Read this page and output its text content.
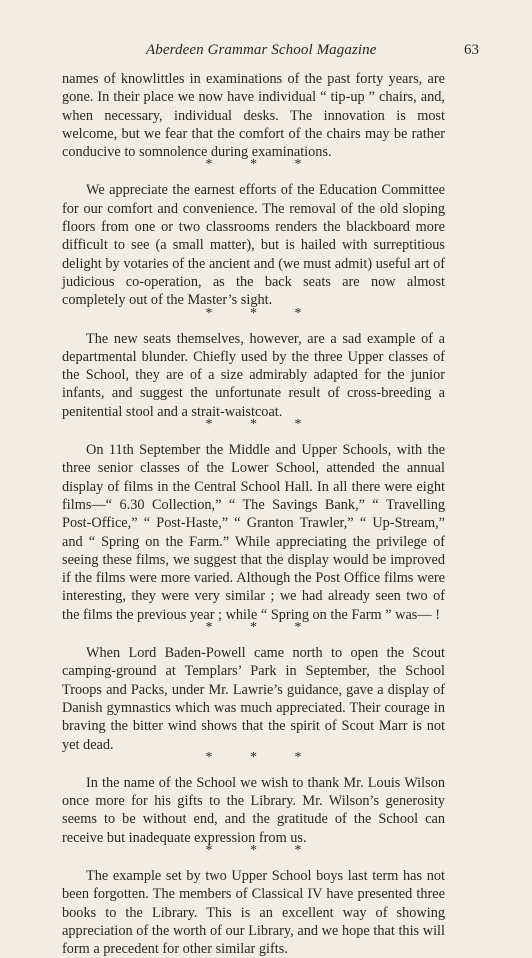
Aberdeen Grammar School Magazine	63

names of knowlittles in examinations of the past forty years, are gone. In their place we now have individual “ tip-up ” chairs, and, when necessary, individual desks. The innovation is most welcome, but we fear that the comfort of the chairs may be rather conducive to somnolence during examinations.

* * *

We appreciate the earnest efforts of the Education Committee for our comfort and convenience. The removal of the old sloping floors from one or two classrooms renders the blackboard more difficult to see (a small matter), but is hailed with surreptitious delight by votaries of the ancient and (we must admit) useful art of judicious co-operation, as the back seats are now almost completely out of the Master’s sight.

* * *

The new seats themselves, however, are a sad example of a departmental blunder. Chiefly used by the three Upper classes of the School, they are of a size admirably adapted for the junior infants, and suggest the unfortunate result of cross-breeding a penitential stool and a strait-waistcoat.

* * *

On 11th September the Middle and Upper Schools, with the three senior classes of the Lower School, attended the annual display of films in the Central School Hall. In all there were eight films—“ 6.30 Collection,” “ The Savings Bank,” “ Travelling Post-Office,” “ Post-Haste,” “ Granton Trawler,” “ Up-Stream,” and “ Spring on the Farm.” While appreciating the privilege of seeing these films, we suggest that the display would be improved if the films were more varied. Although the Post Office films were interesting, they were very similar ; we had already seen two of the films the previous year ; while “ Spring on the Farm ” was— !

* * *

When Lord Baden-Powell came north to open the Scout camping-ground at Templars’ Park in September, the School Troops and Packs, under Mr. Lawrie’s guidance, gave a display of Danish gymnastics which was much appreciated. Their courage in braving the bitter wind shows that the spirit of Scout Marr is not yet dead.

* * *

In the name of the School we wish to thank Mr. Louis Wilson once more for his gifts to the Library. Mr. Wilson’s generosity seems to be without end, and the gratitude of the School can receive but inadequate expression from us.

* * *

The example set by two Upper School boys last term has not been forgotten. The members of Classical IV have presented three books to the Library. This is an excellent way of showing appreciation of the worth of our Library, and we hope that this will form a precedent for other similar gifts.
